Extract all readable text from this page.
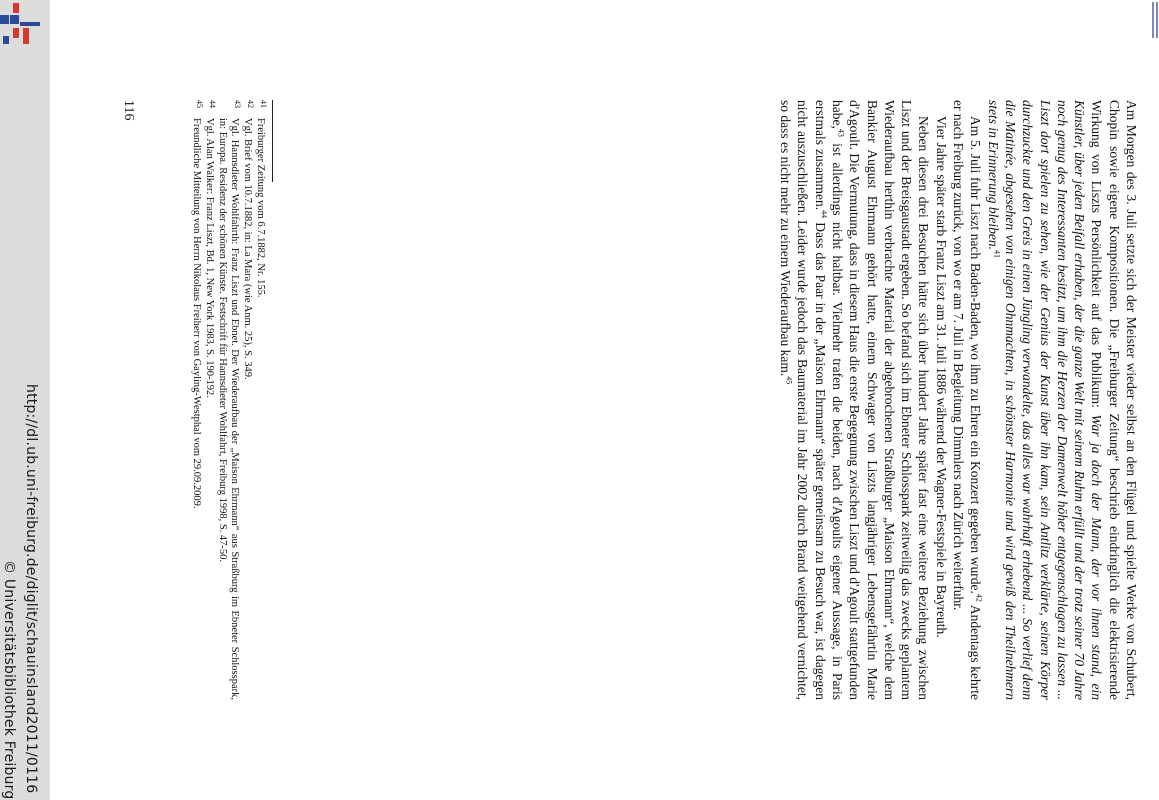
http://dl.ub.uni-freiburg.de/diglit/schauinsland2011/0116
© Universitätsbibliothek Freiburg	Am Morgen des 3. Juli setzte sich der Meister wieder selbst an den Flügel und spielte Werke von Schubert, Chopin sowie eigene Kompositionen. Die „Freiburger Zeitung“ beschrieb eindringlich die elektrisierende Wirkung von Liszts Persönlichkeit auf das Publikum: War ja doch der Mann, der vor ihnen stand, ein Künstler, über jeden Beifall erhaben, der die ganze Welt mit seinem Ruhm erfüllt und der trotz seiner 70 Jahre noch genug des Interessanten besitzt, um ihm die Herzen der Damenwelt höher entgegenschlagen zu lassen ... Liszt dort spielen zu sehen, wie der Genius der Kunst über ihn kam, sein Antlitz verklärte, seinen Körper durchzuckte und den Greis in einen Jüngling verwandelte, das alles war wahrhaft erhebend ... So verlief denn die Matinée, abgesehen von einigen Ohnmachten, in schönster Harmonie und wird gewiß den Theilnehmern stets in Erinnerung bleiben.$^{41}$

Am 5. Juli fuhr Liszt nach Baden-Baden, wo ihm zu Ehren ein Konzert gegeben wurde.$^{42}$ Andentags kehrte er nach Freiburg zurück, von wo er am 7. Juli in Begleitung Dimmlers nach Zürich weiterfuhr.

Vier Jahre später starb Franz Liszt am 31. Juli 1886 während der Wagner-Festspiele in Bayreuth.

Neben diesen drei Besuchen hätte sich über hundert Jahre später fast eine weitere Beziehung zwischen Liszt und der Breisgaustadt ergeben. So befand sich im Ebneter Schlosspark zeitweilig das zwecks geplantem Wiederaufbau herthin verbrachte Material der abgebrochenen Straßburger „Maison Ehrmann“, welche dem Bankier August Ehrmann gehört hatte, einem Schwager von Liszts langjähriger Lebensgefährtin Marie d'Agoult. Die Vermutung, dass in diesem Haus die erste Begegnung zwischen Liszt und d'Agoult stattgefunden habe,$^{43}$ ist allerdings nicht haltbar. Vielmehr trafen die beiden, nach d'Agoults eigener Aussage, in Paris erstmals zusammen.$^{44}$ Dass das Paar in der „Maison Ehrmann“ später gemeinsam zu Besuch war, ist dagegen nicht auszuschließen. Leider wurde jedoch das Baumaterial im Jahr 2002 durch Brand weitgehend vernichtet, so dass es nicht mehr zu einem Wiederaufbau kam.$^{45}$

41
Freiburger Zeitung vom 6.7.1882, Nr. 155.
42
Vgl. Brief vom 10.7.1882, in: La Mara (wie Anm. 25), S. 349.
43
Vgl. Hannsdieter Wohlfahrth: Franz Liszt und Ebnet. Der Wiederaufbau der „Maison Ehrmann“ aus Straßburg im Ebneter Schlosspark, in: Europa. Residenz der schönen Künste. Festschrift für Hannsdieter Wohlfahrt, Freiburg 1998, S. 47-50.
44
Vgl. Alan Walker: Franz Liszt, Bd. 1, New York 1983, S. 190-192.
45
Freundliche Mitteilung von Herrn Nikolaus Freiherr von Gayling-Westphal vom 29.09.2009.
116
